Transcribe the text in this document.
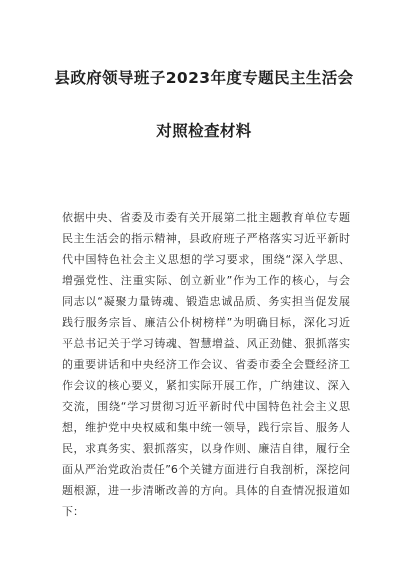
县政府领导班子2023年度专题民主生活会
对照检查材料
依据中央、省委及市委有关开展第二批主题教育单位专题
民主生活会的指示精神，县政府班子严格落实习近平新时
代中国特色社会主义思想的学习要求，围绕“深入学思、
增强党性、注重实际、创立新业”作为工作的核心，与会
同志以“凝聚力量铸魂、锻造忠诚品质、务实担当促发展
践行服务宗旨、廉洁公仆树榜样”为明确目标，深化习近
平总书记关于学习铸魂、智慧增益、风正劲健、狠抓落实
的重要讲话和中央经济工作会议、省委市委全会暨经济工
作会议的核心要义，紧扣实际开展工作，广纳建议、深入
交流，围绕“学习贯彻习近平新时代中国特色社会主义思
想，维护党中央权威和集中统一领导，践行宗旨、服务人
民，求真务实、狠抓落实，以身作则、廉洁自律，履行全
面从严治党政治责任”6个关键方面进行自我剖析，深挖问
题根源，进一步清晰改善的方向。具体的自查情况报道如
下：
